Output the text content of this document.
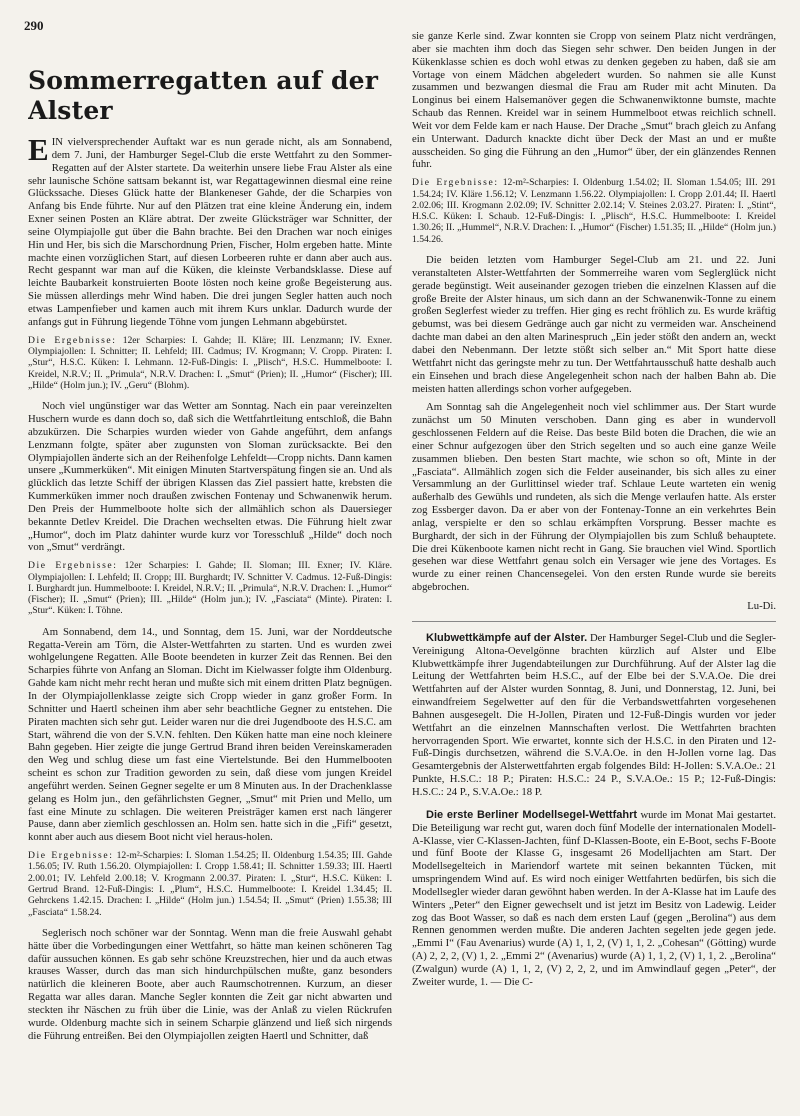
290
Sommerregatten auf der Alster

EIN vielversprechender Auftakt war es nun gerade nicht, als am Sonnabend, dem 7. Juni, der Hamburger Segel-Club die erste Wettfahrt zu den Sommer-Regatten auf der Alster startete. Da weiterhin unsere liebe Frau Alster als eine sehr launische Schöne sattsam bekannt ist, war Regattagewinnen diesmal eine reine Glückssache. Dieses Glück hatte der Blankeneser Gahde, der die Scharpies von Anfang bis Ende führte. Nur auf den Plätzen trat eine kleine Änderung ein, indem Exner seinen Posten an Kläre abtrat. Der zweite Glücksträger war Schnitter, der seine Olympiajolle gut über die Bahn brachte. Bei den Drachen war noch einiges Hin und Her, bis sich die Marschordnung Prien, Fischer, Holm ergeben hatte. Minte machte einen vorzüglichen Start, auf diesen Lorbeeren ruhte er dann aber auch aus. Recht gespannt war man auf die Küken, die kleinste Verbandsklasse. Diese auf leichte Baubarkeit konstruierten Boote lösten noch keine große Begeisterung aus. Sie müssen allerdings mehr Wind haben. Die drei jungen Segler hatten auch noch etwas Lampenfieber und kamen auch mit ihrem Kurs unklar. Dadurch wurde der anfangs gut in Führung liegende Töhne vom jungen Lehmann abgebürstet.

Die Ergebnisse: 12er Scharpies: I. Gahde; II. Kläre; III. Lenzmann; IV. Exner. Olympiajollen: I. Schnitter; II. Lehfeld; III. Cadmus; IV. Krogmann; V. Cropp. Piraten: I. „Stur“, H.S.C. Küken: I. Lehmann. 12-Fuß-Dingis: I. „Plisch“, H.S.C. Hummelboote: I. Kreidel, N.R.V.; II. „Primula“, N.R.V. Drachen: I. „Smut“ (Prien); II. „Humor“ (Fischer); III. „Hilde“ (Holm jun.); IV. „Geru“ (Blohm).

Noch viel ungünstiger war das Wetter am Sonntag. Nach ein paar vereinzelten Huschern wurde es dann doch so, daß sich die Wettfahrtleitung entschloß, die Bahn abzukürzen. Die Scharpies wurden wieder von Gahde angeführt, dem anfangs Lenzmann folgte, später aber zugunsten von Sloman zurücksackte. Bei den Olympiajollen änderte sich an der Reihenfolge Lehfeldt—Cropp nichts. Dann kamen unsere „Kummerküken“. Mit einigen Minuten Startverspätung fingen sie an. Und als glücklich das letzte Schiff der übrigen Klassen das Ziel passiert hatte, krebsten die Kummerküken immer noch draußen zwischen Fontenay und Schwanenwik herum. Den Preis der Hummelboote holte sich der allmählich schon als Dauersieger bekannte Detlev Kreidel. Die Drachen wechselten etwas. Die Führung hielt zwar „Humor“, doch im Platz dahinter wurde kurz vor Toresschluß „Hilde“ doch noch von „Smut“ verdrängt.

Die Ergebnisse: 12er Scharpies: I. Gahde; II. Sloman; III. Exner; IV. Kläre. Olympiajollen: I. Lehfeld; II. Cropp; III. Burghardt; IV. Schnitter V. Cadmus. 12-Fuß-Dingis: I. Burghardt jun. Hummelboote: I. Kreidel, N.R.V.; II. „Primula“, N.R.V. Drachen: I. „Humor“ (Fischer); II. „Smut“ (Prien); III. „Hilde“ (Holm jun.); IV. „Fasciata“ (Minte). Piraten: I. „Stur“. Küken: I. Töhne.

Am Sonnabend, dem 14., und Sonntag, dem 15. Juni, war der Norddeutsche Regatta-Verein am Törn, die Alster-Wettfahrten zu starten. Und es wurden zwei wohlgelungene Regatten. Alle Boote beendeten in kurzer Zeit das Rennen. Bei den Scharpies führte von Anfang an Sloman. Dicht im Kielwasser folgte ihm Oldenburg. Gahde kam nicht mehr recht heran und mußte sich mit einem dritten Platz begnügen. In der Olympiajollenklasse zeigte sich Cropp wieder in ganz großer Form. In Schnitter und Haertl scheinen ihm aber sehr beachtliche Gegner zu entstehen. Die Piraten machten sich sehr gut. Leider waren nur die drei Jugendboote des H.S.C. am Start, während die von der S.V.N. fehlten. Den Küken hatte man eine noch kleinere Bahn gegeben. Hier zeigte die junge Gertrud Brand ihren beiden Vereinskameraden den Weg und schlug diese um fast eine Viertelstunde. Bei den Hummelbooten scheint es schon zur Tradition geworden zu sein, daß diese vom jungen Kreidel angeführt werden. Seinen Gegner segelte er um 8 Minuten aus. In der Drachenklasse gelang es Holm jun., den gefährlichsten Gegner, „Smut“ mit Prien und Mello, um fast eine Minute zu schlagen. Die weiteren Preisträger kamen erst nach längerer Pause, dann aber ziemlich geschlossen an. Holm sen. hatte sich in die „Fifi“ gesetzt, konnt aber auch aus diesem Boot nicht viel heraus-holen.

Die Ergebnisse: 12-m²-Scharpies: I. Sloman 1.54.25; II. Oldenburg 1.54.35; III. Gahde 1.56.05; IV. Ruth 1.56.20. Olympiajollen: I. Cropp 1.58.41; II. Schnitter 1.59.33; III. Haertl 2.00.01; IV. Lehfeld 2.00.18; V. Krogmann 2.00.37. Piraten: I. „Stur“, H.S.C. Küken: I. Gertrud Brand. 12-Fuß-Dingis: I. „Plum“, H.S.C. Hummelboote: I. Kreidel 1.34.45; II. Gehrckens 1.42.15. Drachen: I. „Hilde“ (Holm jun.) 1.54.54; II. „Smut“ (Prien) 1.55.38; III „Fasciata“ 1.58.24.

Seglerisch noch schöner war der Sonntag. Wenn man die freie Auswahl gehabt hätte über die Vorbedingungen einer Wettfahrt, so hätte man keinen schöneren Tag dafür aussuchen können. Es gab sehr schöne Kreuzstrechen, hier und da auch etwas krauses Wasser, durch das man sich hindurchpülschen mußte, ganz besonders natürlich die kleineren Boote, aber auch Raumschotrennen. Kurzum, an dieser Regatta war alles daran. Manche Segler konnten die Zeit gar nicht abwarten und steckten ihr Näschen zu früh über die Linie, was der Anlaß zu vielen Rückrufen wurde. Oldenburg machte sich in seinem Scharpie glänzend und ließ sich nirgends die Führung entreißen. Bei den Olympiajollen zeigten Haertl und Schnitter, daß

sie ganze Kerle sind. Zwar konnten sie Cropp von seinem Platz nicht verdrängen, aber sie machten ihm doch das Siegen sehr schwer. Den beiden Jungen in der Kükenklasse schien es doch wohl etwas zu denken gegeben zu haben, daß sie am Vortage von einem Mädchen abgeledert wurden. So nahmen sie alle Kunst zusammen und bezwangen diesmal die Frau am Ruder mit acht Minuten. Da Longinus bei einem Halsemanöver gegen die Schwanenwiktonne bumste, machte Schaub das Rennen. Kreidel war in seinem Hummelboot etwas reichlich schnell. Weit vor dem Felde kam er nach Hause. Der Drache „Smut“ brach gleich zu Anfang ein Unterwant. Dadurch knackte dicht über Deck der Mast an und er mußte ausscheiden. So ging die Führung an den „Humor“ über, der ein glänzendes Rennen fuhr.

Die Ergebnisse: 12-m²-Scharpies: I. Oldenburg 1.54.02; II. Sloman 1.54.05; III. 291 1.54.24; IV. Kläre 1.56.12; V. Lenzmann 1.56.22. Olympiajollen: I. Cropp 2.01.44; II. Haertl 2.02.06; III. Krogmann 2.02.09; IV. Schnitter 2.02.14; V. Steines 2.03.27. Piraten: I. „Stint“, H.S.C. Küken: I. Schaub. 12-Fuß-Dingis: I. „Plisch“, H.S.C. Hummelboote: I. Kreidel 1.30.26; II. „Hummel“, N.R.V. Drachen: I. „Humor“ (Fischer) 1.51.35; II. „Hilde“ (Holm jun.) 1.54.26.

Die beiden letzten vom Hamburger Segel-Club am 21. und 22. Juni veranstalteten Alster-Wettfahrten der Sommerreihe waren vom Seglerglück nicht gerade begünstigt. Weit auseinander gezogen trieben die einzelnen Klassen auf die große Breite der Alster hinaus, um sich dann an der Schwanenwik-Tonne zu einem großen Seglerfest wieder zu treffen. Hier ging es recht fröhlich zu. Es wurde kräftig gebumst, was bei diesem Gedränge auch gar nicht zu vermeiden war. Anscheinend dachte man dabei an den alten Marinespruch „Ein jeder stößt den andern an, weckt dabei den Nebenmann. Der letzte stößt sich selber an.“ Mit Sport hatte diese Wettfahrt nicht das geringste mehr zu tun. Der Wettfahrtausschuß hatte deshalb auch ein Einsehen und brach diese Angelegenheit schon nach der halben Bahn ab. Die meisten hatten allerdings schon vorher aufgegeben.

Am Sonntag sah die Angelegenheit noch viel schlimmer aus. Der Start wurde zunächst um 50 Minuten verschoben. Dann ging es aber in wundervoll geschlossenen Feldern auf die Reise. Das beste Bild boten die Drachen, die wie an einer Schnur aufgezogen über den Strich segelten und so auch eine ganze Weile zusammen blieben. Den besten Start machte, wie schon so oft, Minte in der „Fasciata“. Allmählich zogen sich die Felder auseinander, bis sich alles zu einer Versammlung an der Gurlittinsel wieder traf. Schlaue Leute warteten ein wenig außerhalb des Gewühls und rundeten, als sich die Menge verlaufen hatte. Als erster zog Essberger davon. Da er aber von der Fontenay-Tonne an ein verkehrtes Bein anlag, verspielte er den so schlau erkämpften Vorsprung. Besser machte es Burghardt, der sich in der Führung der Olympiajollen bis zum Schluß behauptete. Die drei Kükenboote kamen nicht recht in Gang. Sie brauchen viel Wind. Sportlich gesehen war diese Wettfahrt genau solch ein Versager wie jene des Vortages. Es wurde zu einer reinen Chancensegelei. Von den ersten Runde wurde sie bereits abgebrochen.

Lu-Di.

Klubwettkämpfe auf der Alster. Der Hamburger Segel-Club und die Segler-Vereinigung Altona-Oevelgönne brachten kürzlich auf Alster und Elbe Klubwettkämpfe ihrer Jugendabteilungen zur Durchführung. Auf der Alster lag die Leitung der Wettfahrten beim H.S.C., auf der Elbe bei der S.V.A.Oe. Die drei Wettfahrten auf der Alster wurden Sonntag, 8. Juni, und Donnerstag, 12. Juni, bei einwandfreiem Segelwetter auf den für die Verbandswettfahrten vorgesehenen Bahnen ausgesegelt. Die H-Jollen, Piraten und 12-Fuß-Dingis wurden vor jeder Wettfahrt an die einzelnen Mannschaften verlost. Die Wettfahrten brachten hervorragenden Sport. Wie erwartet, konnte sich der H.S.C. in den Piraten und 12-Fuß-Dingis durchsetzen, während die S.V.A.Oe. in den H-Jollen vorne lag. Das Gesamtergebnis der Alsterwettfahrten ergab folgendes Bild: H-Jollen: S.V.A.Oe.: 21 Punkte, H.S.C.: 18 P.; Piraten: H.S.C.: 24 P., S.V.A.Oe.: 15 P.; 12-Fuß-Dingis: H.S.C.: 24 P., S.V.A.Oe.: 18 P.

Die erste Berliner Modellsegel-Wettfahrt wurde im Monat Mai gestartet. Die Beteiligung war recht gut, waren doch fünf Modelle der internationalen Modell-A-Klasse, vier C-Klassen-Jachten, fünf D-Klassen-Boote, ein E-Boot, sechs F-Boote und fünf Boote der Klasse G, insgesamt 26 Modelljachten am Start. Der Modellsegelteich in Mariendorf wartete mit seinen bekannten Tücken, mit umspringendem Wind auf. Es wird noch einiger Wettfahrten bedürfen, bis sich die Modellsegler wieder daran gewöhnt haben werden. In der A-Klasse hat im Laufe des Winters „Peter“ den Eigner gewechselt und ist jetzt im Besitz von Ladewig. Leider zog das Boot Wasser, so daß es nach dem ersten Lauf (gegen „Berolina“) aus dem Rennen genommen werden mußte. Die anderen Jachten segelten jede gegen jede. „Emmi I“ (Fau Avenarius) wurde (A) 1, 1, 2, (V) 1, 1, 2. „Cohesan“ (Götting) wurde (A) 2, 2, 2, (V) 1, 2. „Emmi 2“ (Avenarius) wurde (A) 1, 1, 2, (V) 1, 1, 2. „Berolina“ (Zwalgun) wurde (A) 1, 1, 2, (V) 2, 2, 2, und im Amwindlauf gegen „Peter“, der Zweiter wurde, 1. — Die C-
